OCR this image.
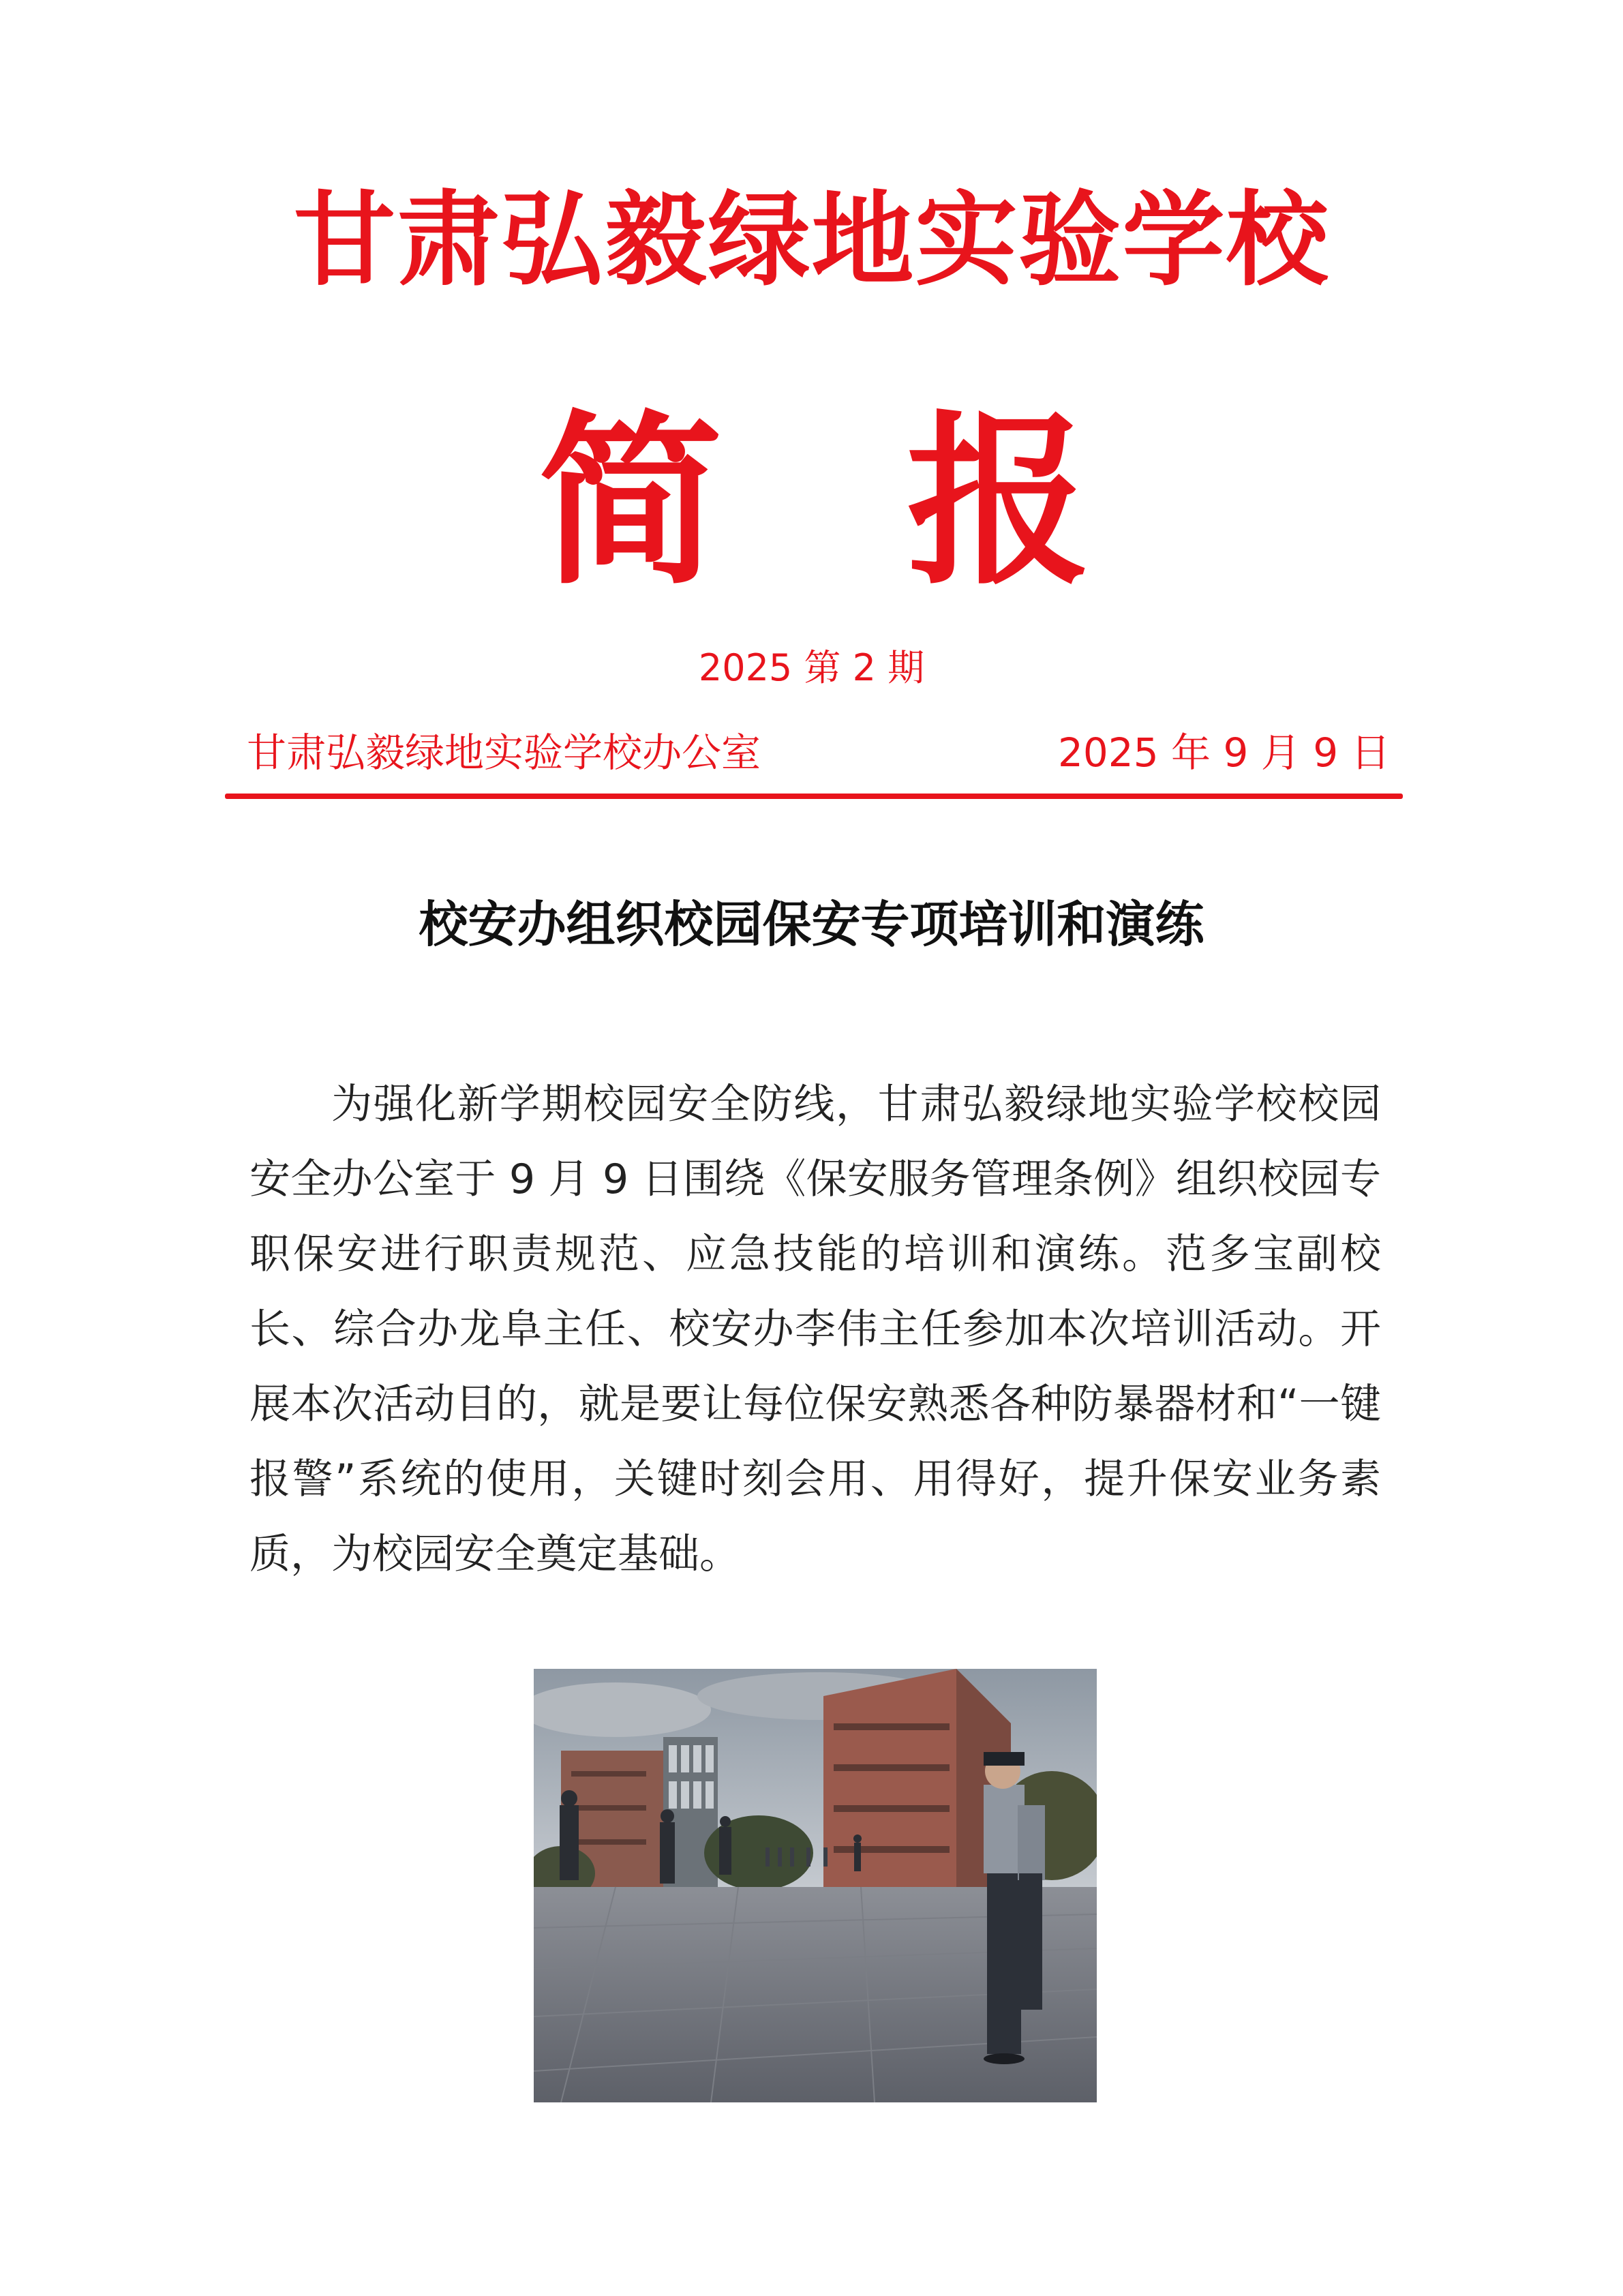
甘肃弘毅绿地实验学校
简 报
2025 第 2 期
甘肃弘毅绿地实验学校办公室	2025 年 9 月 9 日
校安办组织校园保安专项培训和演练

为强化新学期校园安全防线，甘肃弘毅绿地实验学校校园安全办公室于 9 月 9 日围绕《保安服务管理条例》组织校园专职保安进行职责规范、应急技能的培训和演练。范多宝副校长、综合办龙阜主任、校安办李伟主任参加本次培训活动。开展本次活动目的，就是要让每位保安熟悉各种防暴器材和“一键报警”系统的使用，关键时刻会用、用得好，提升保安业务素质，为校园安全奠定基础。
